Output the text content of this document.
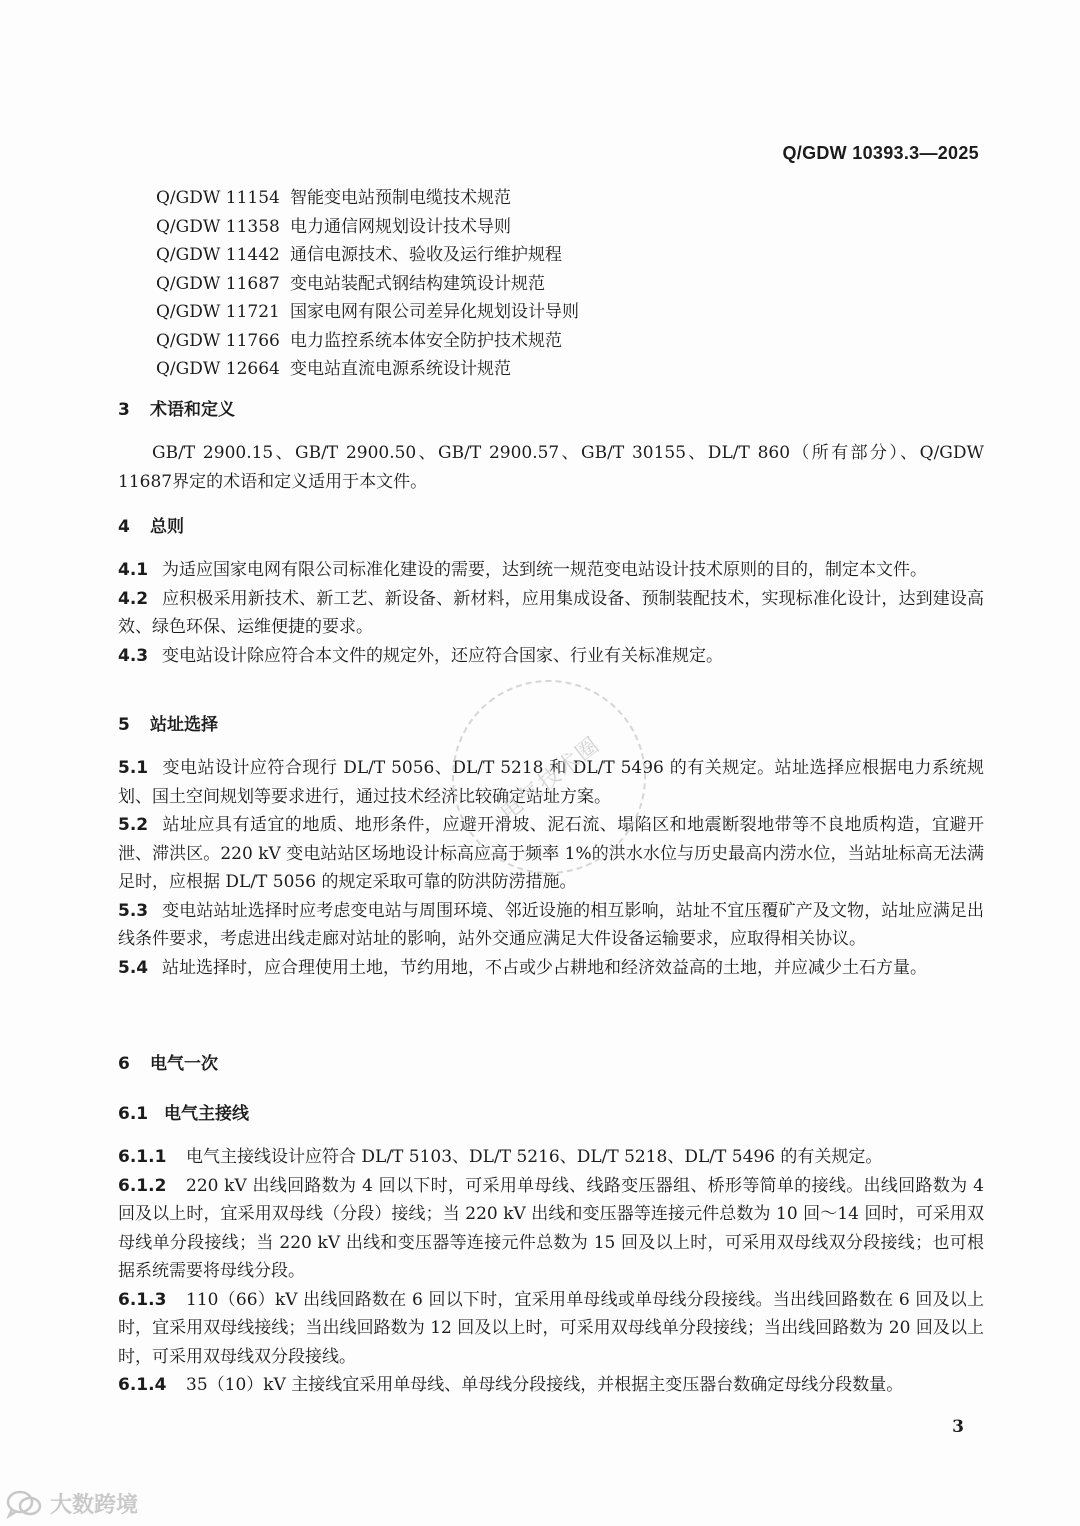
Q/GDW 10393.3—2025
Q/GDW 11154 智能变电站预制电缆技术规范
Q/GDW 11358 电力通信网规划设计技术导则
Q/GDW 11442 通信电源技术、验收及运行维护规程
Q/GDW 11687 变电站装配式钢结构建筑设计规范
Q/GDW 11721 国家电网有限公司差异化规划设计导则
Q/GDW 11766 电力监控系统本体安全防护技术规范
Q/GDW 12664 变电站直流电源系统设计规范
3 术语和定义

GB/T 2900.15、GB/T 2900.50、GB/T 2900.57、GB/T 30155、DL/T 860（所有部分）、Q/GDW 11687界定的术语和定义适用于本文件。

4 总则

4.1 为适应国家电网有限公司标准化建设的需要，达到统一规范变电站设计技术原则的目的，制定本文件。

4.2 应积极采用新技术、新工艺、新设备、新材料，应用集成设备、预制装配技术，实现标准化设计，达到建设高效、绿色环保、运维便捷的要求。

4.3 变电站设计除应符合本文件的规定外，还应符合国家、行业有关标准规定。

5 站址选择

5.1 变电站设计应符合现行 DL/T 5056、DL/T 5218 和 DL/T 5496 的有关规定。站址选择应根据电力系统规划、国土空间规划等要求进行，通过技术经济比较确定站址方案。

5.2 站址应具有适宜的地质、地形条件，应避开滑坡、泥石流、塌陷区和地震断裂地带等不良地质构造，宜避开泄、滞洪区。220 kV 变电站站区场地设计标高应高于频率 1%的洪水水位与历史最高内涝水位，当站址标高无法满足时，应根据 DL/T 5056 的规定采取可靠的防洪防涝措施。

5.3 变电站站址选择时应考虑变电站与周围环境、邻近设施的相互影响，站址不宜压覆矿产及文物，站址应满足出线条件要求，考虑进出线走廊对站址的影响，站外交通应满足大件设备运输要求，应取得相关协议。

5.4 站址选择时，应合理使用土地，节约用地，不占或少占耕地和经济效益高的土地，并应减少土石方量。

6 电气一次
6.1 电气主接线

6.1.1 电气主接线设计应符合 DL/T 5103、DL/T 5216、DL/T 5218、DL/T 5496 的有关规定。

6.1.2 220 kV 出线回路数为 4 回以下时，可采用单母线、线路变压器组、桥形等简单的接线。出线回路数为 4 回及以上时，宜采用双母线（分段）接线；当 220 kV 出线和变压器等连接元件总数为 10 回～14 回时，可采用双母线单分段接线；当 220 kV 出线和变压器等连接元件总数为 15 回及以上时，可采用双母线双分段接线；也可根据系统需要将母线分段。

6.1.3 110（66）kV 出线回路数在 6 回以下时，宜采用单母线或单母线分段接线。当出线回路数在 6 回及以上时，宜采用双母线接线；当出线回路数为 12 回及以上时，可采用双母线单分段接线；当出线回路数为 20 回及以上时，可采用双母线双分段接线。

6.1.4 35（10）kV 主接线宜采用单母线、单母线分段接线，并根据主变压器台数确定母线分段数量。

3
电气技术圈
大数跨境
